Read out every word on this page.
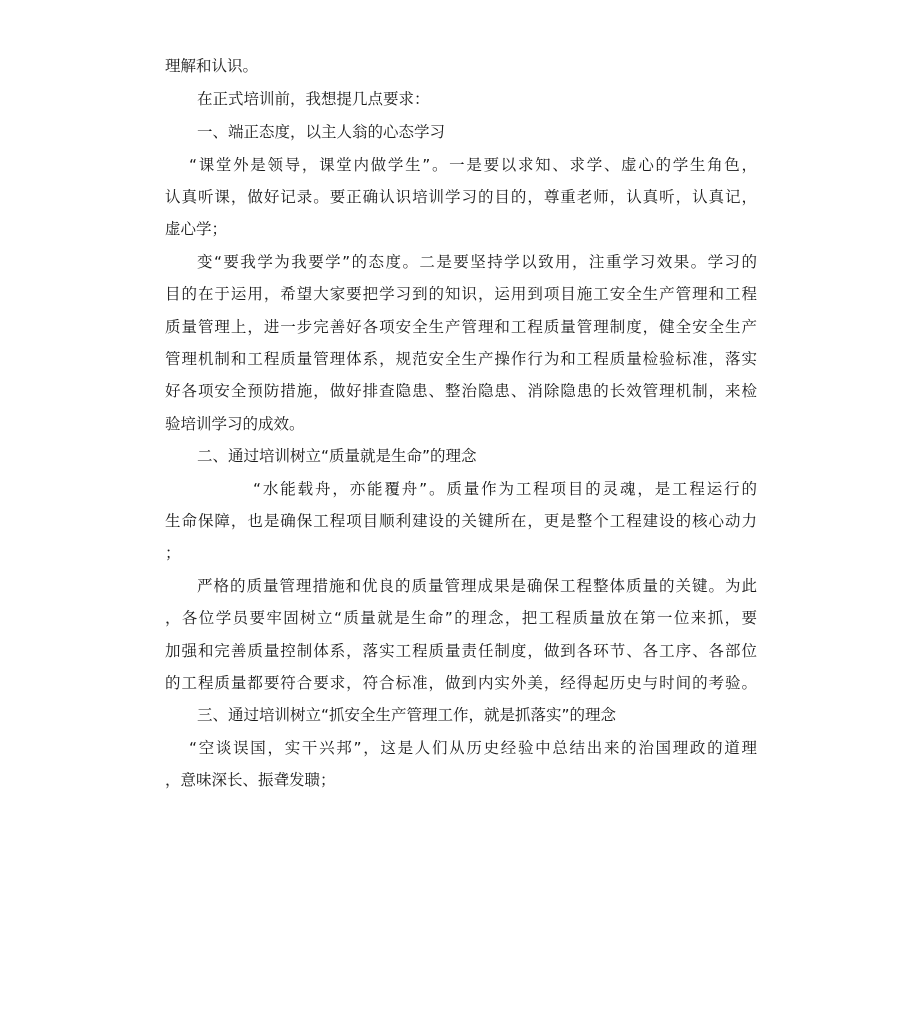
理解和认识。
在正式培训前，我想提几点要求：
一、端正态度，以主人翁的心态学习
“课堂外是领导，课堂内做学生”。一是要以求知、求学、虚心的学生角色，
认真听课，做好记录。要正确认识培训学习的目的，尊重老师，认真听，认真记，
虚心学；
变“要我学为我要学”的态度。二是要坚持学以致用，注重学习效果。学习的
目的在于运用，希望大家要把学习到的知识，运用到项目施工安全生产管理和工程
质量管理上，进一步完善好各项安全生产管理和工程质量管理制度，健全安全生产
管理机制和工程质量管理体系，规范安全生产操作行为和工程质量检验标准，落实
好各项安全预防措施，做好排查隐患、整治隐患、消除隐患的长效管理机制，来检
验培训学习的成效。
二、通过培训树立“质量就是生命”的理念
“水能载舟，亦能覆舟”。质量作为工程项目的灵魂，是工程运行的
生命保障，也是确保工程项目顺利建设的关键所在，更是整个工程建设的核心动力
；
严格的质量管理措施和优良的质量管理成果是确保工程整体质量的关键。为此
，各位学员要牢固树立“质量就是生命”的理念，把工程质量放在第一位来抓，要
加强和完善质量控制体系，落实工程质量责任制度，做到各环节、各工序、各部位
的工程质量都要符合要求，符合标准，做到内实外美，经得起历史与时间的考验。
三、通过培训树立“抓安全生产管理工作，就是抓落实”的理念
“空谈误国，实干兴邦”，这是人们从历史经验中总结出来的治国理政的道理
，意味深长、振聋发聩；
